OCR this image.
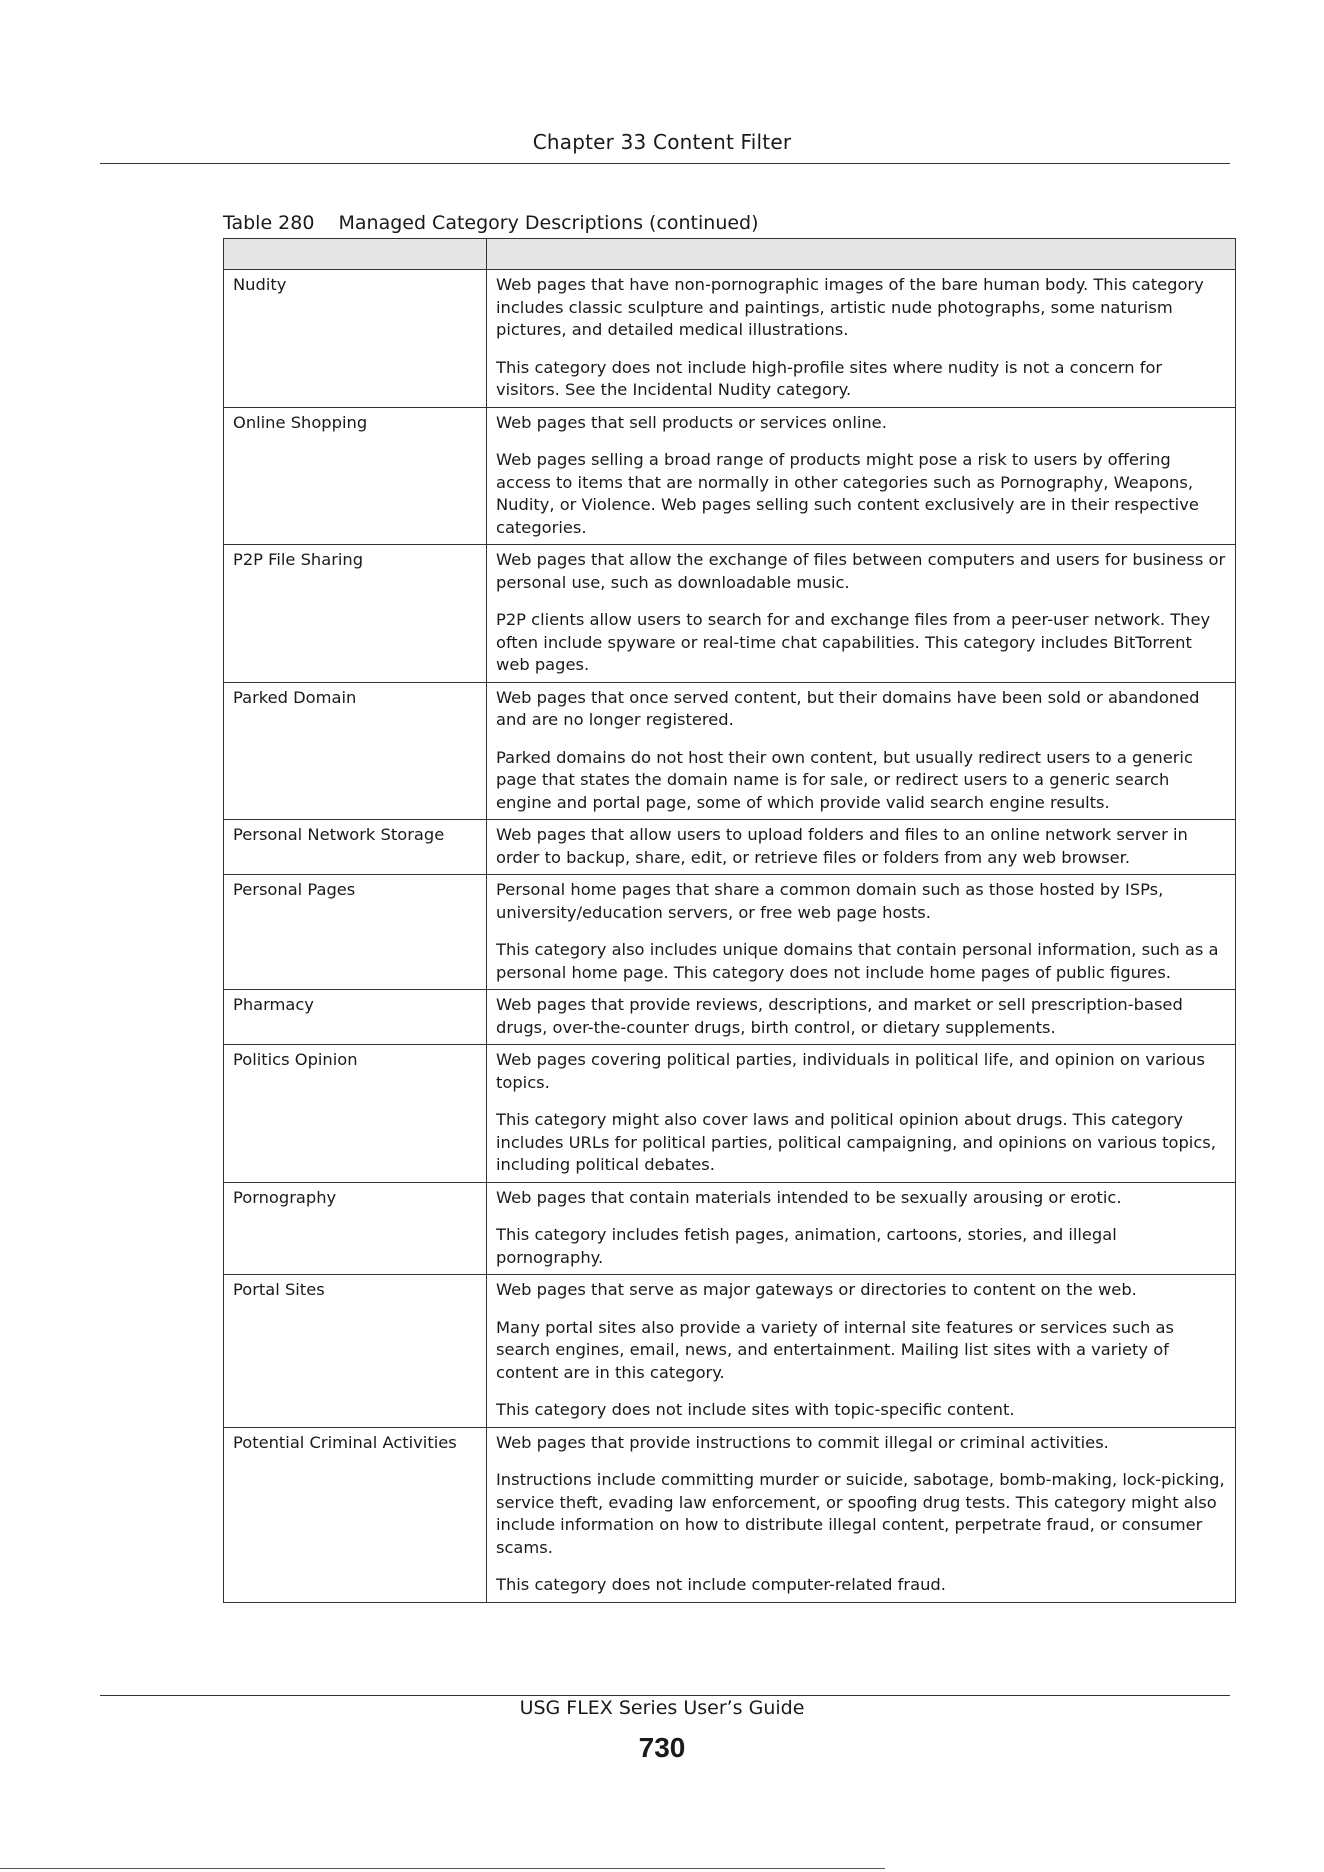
Chapter 33 Content Filter
Table 280 Managed Category Descriptions (continued)

Nudity	Web pages that have non-pornographic images of the bare human body. This category includes classic sculpture and paintings, artistic nude photographs, some naturism pictures, and detailed medical illustrations.

This category does not include high-profile sites where nudity is not a concern for visitors. See the Incidental Nudity category.

Online Shopping	Web pages that sell products or services online.

Web pages selling a broad range of products might pose a risk to users by offering access to items that are normally in other categories such as Pornography, Weapons, Nudity, or Violence. Web pages selling such content exclusively are in their respective categories.

P2P File Sharing	Web pages that allow the exchange of files between computers and users for business or personal use, such as downloadable music.

P2P clients allow users to search for and exchange files from a peer-user network. They often include spyware or real-time chat capabilities. This category includes BitTorrent web pages.

Parked Domain	Web pages that once served content, but their domains have been sold or abandoned and are no longer registered.

Parked domains do not host their own content, but usually redirect users to a generic page that states the domain name is for sale, or redirect users to a generic search engine and portal page, some of which provide valid search engine results.

Personal Network Storage	Web pages that allow users to upload folders and files to an online network server in order to backup, share, edit, or retrieve files or folders from any web browser.

Personal Pages	Personal home pages that share a common domain such as those hosted by ISPs, university/education servers, or free web page hosts.

This category also includes unique domains that contain personal information, such as a personal home page. This category does not include home pages of public figures.

Pharmacy	Web pages that provide reviews, descriptions, and market or sell prescription-based drugs, over-the-counter drugs, birth control, or dietary supplements.

Politics Opinion	Web pages covering political parties, individuals in political life, and opinion on various topics.

This category might also cover laws and political opinion about drugs. This category includes URLs for political parties, political campaigning, and opinions on various topics, including political debates.

Pornography	Web pages that contain materials intended to be sexually arousing or erotic.

This category includes fetish pages, animation, cartoons, stories, and illegal pornography.

Portal Sites	Web pages that serve as major gateways or directories to content on the web.

Many portal sites also provide a variety of internal site features or services such as search engines, email, news, and entertainment. Mailing list sites with a variety of content are in this category.

This category does not include sites with topic-specific content.

Potential Criminal Activities	Web pages that provide instructions to commit illegal or criminal activities.

Instructions include committing murder or suicide, sabotage, bomb-making, lock-picking, service theft, evading law enforcement, or spoofing drug tests. This category might also include information on how to distribute illegal content, perpetrate fraud, or consumer scams.

This category does not include computer-related fraud.

USG FLEX Series User’s Guide
730
